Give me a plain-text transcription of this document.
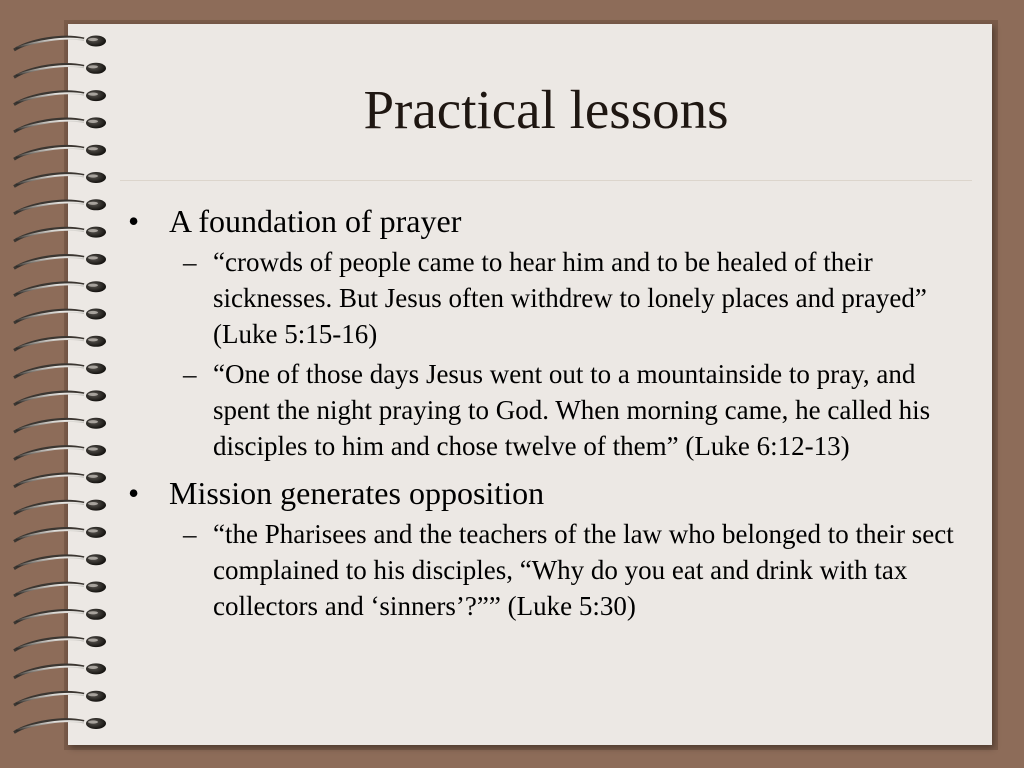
Practical lessons
• A foundation of prayer
– “crowds of people came to hear him and to be healed of their sicknesses. But Jesus often withdrew to lonely places and prayed” (Luke 5:15-16)
– “One of those days Jesus went out to a mountainside to pray, and spent the night praying to God. When morning came, he called his disciples to him and chose twelve of them” (Luke 6:12-13)
• Mission generates opposition
– “the Pharisees and the teachers of the law who belonged to their sect complained to his disciples, “Why do you eat and drink with tax collectors and ‘sinners’?”” (Luke 5:30)
